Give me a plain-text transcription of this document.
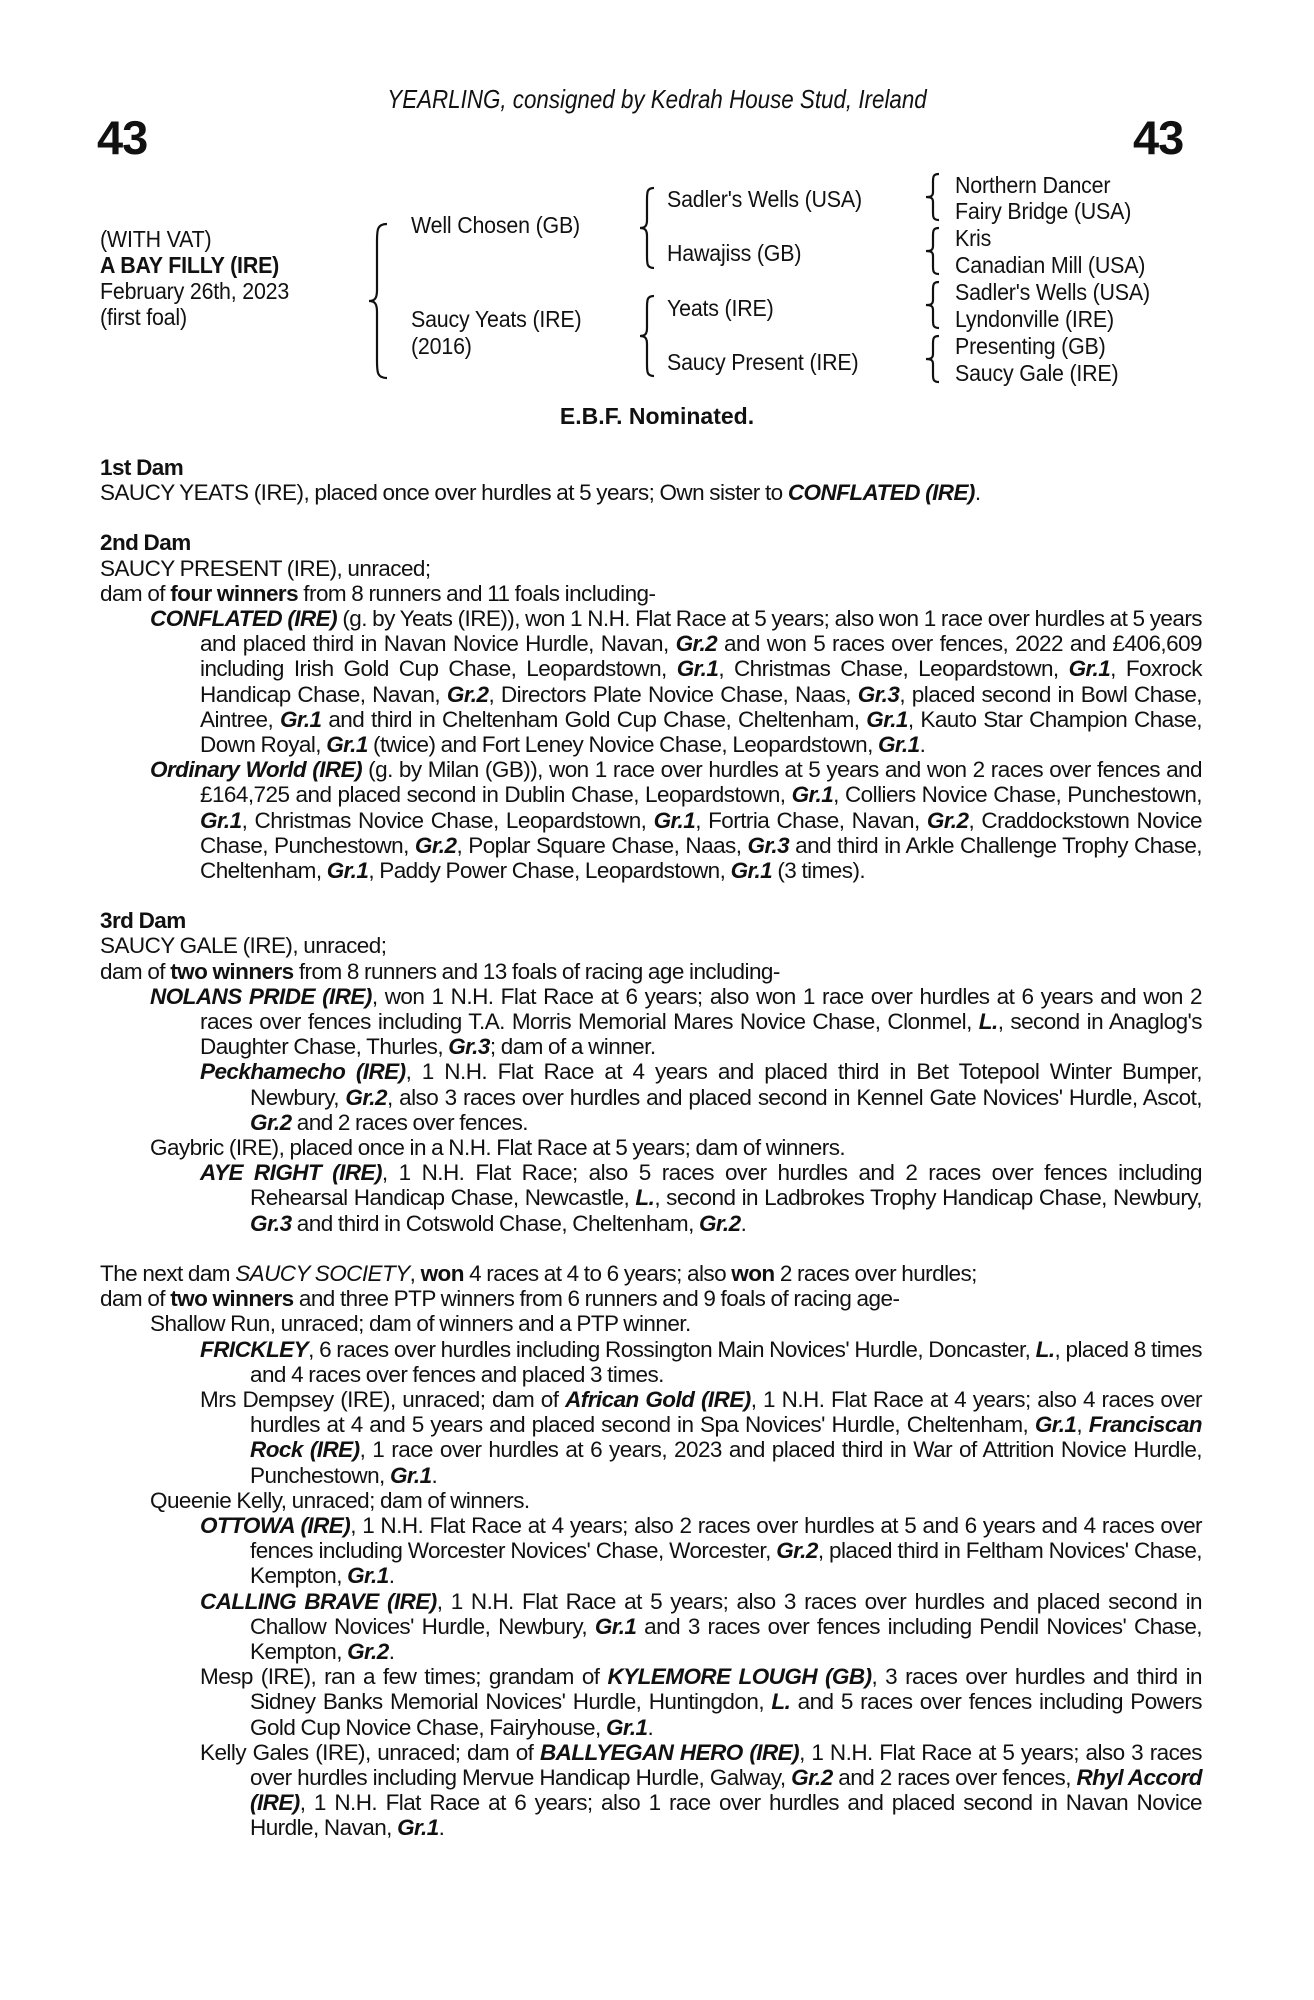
YEARLING, consigned by Kedrah House Stud, Ireland
43	43
(WITH VAT)
A BAY FILLY (IRE)
February 26th, 2023
(first foal)
Well Chosen (GB)
Saucy Yeats (IRE)
(2016)
Sadler's Wells (USA)
Hawajiss (GB)
Yeats (IRE)
Saucy Present (IRE)
Northern Dancer
Fairy Bridge (USA)
Kris
Canadian Mill (USA)
Sadler's Wells (USA)
Lyndonville (IRE)
Presenting (GB)
Saucy Gale (IRE)
E.B.F. Nominated.
1st Dam
SAUCY YEATS (IRE), placed once over hurdles at 5 years; Own sister to CONFLATED (IRE).
2nd Dam
SAUCY PRESENT (IRE), unraced;
dam of four winners from 8 runners and 11 foals including-
CONFLATED (IRE) (g. by Yeats (IRE)), won 1 N.H. Flat Race at 5 years; also won 1 race over hurdles at 5 years and placed third in Navan Novice Hurdle, Navan, Gr.2 and won 5 races over fences, 2022 and £406,609 including Irish Gold Cup Chase, Leopardstown, Gr.1, Christmas Chase, Leopardstown, Gr.1, Foxrock Handicap Chase, Navan, Gr.2, Directors Plate Novice Chase, Naas, Gr.3, placed second in Bowl Chase, Aintree, Gr.1 and third in Cheltenham Gold Cup Chase, Cheltenham, Gr.1, Kauto Star Champion Chase, Down Royal, Gr.1 (twice) and Fort Leney Novice Chase, Leopardstown, Gr.1.
Ordinary World (IRE) (g. by Milan (GB)), won 1 race over hurdles at 5 years and won 2 races over fences and £164,725 and placed second in Dublin Chase, Leopardstown, Gr.1, Colliers Novice Chase, Punchestown, Gr.1, Christmas Novice Chase, Leopardstown, Gr.1, Fortria Chase, Navan, Gr.2, Craddockstown Novice Chase, Punchestown, Gr.2, Poplar Square Chase, Naas, Gr.3 and third in Arkle Challenge Trophy Chase, Cheltenham, Gr.1, Paddy Power Chase, Leopardstown, Gr.1 (3 times).
3rd Dam
SAUCY GALE (IRE), unraced;
dam of two winners from 8 runners and 13 foals of racing age including-
NOLANS PRIDE (IRE), won 1 N.H. Flat Race at 6 years; also won 1 race over hurdles at 6 years and won 2 races over fences including T.A. Morris Memorial Mares Novice Chase, Clonmel, L., second in Anaglog's Daughter Chase, Thurles, Gr.3; dam of a winner.
Peckhamecho (IRE), 1 N.H. Flat Race at 4 years and placed third in Bet Totepool Winter Bumper, Newbury, Gr.2, also 3 races over hurdles and placed second in Kennel Gate Novices' Hurdle, Ascot, Gr.2 and 2 races over fences.
Gaybric (IRE), placed once in a N.H. Flat Race at 5 years; dam of winners.
AYE RIGHT (IRE), 1 N.H. Flat Race; also 5 races over hurdles and 2 races over fences including Rehearsal Handicap Chase, Newcastle, L., second in Ladbrokes Trophy Handicap Chase, Newbury, Gr.3 and third in Cotswold Chase, Cheltenham, Gr.2.
The next dam SAUCY SOCIETY, won 4 races at 4 to 6 years; also won 2 races over hurdles;
dam of two winners and three PTP winners from 6 runners and 9 foals of racing age-
Shallow Run, unraced; dam of winners and a PTP winner.
FRICKLEY, 6 races over hurdles including Rossington Main Novices' Hurdle, Doncaster, L., placed 8 times and 4 races over fences and placed 3 times.
Mrs Dempsey (IRE), unraced; dam of African Gold (IRE), 1 N.H. Flat Race at 4 years; also 4 races over hurdles at 4 and 5 years and placed second in Spa Novices' Hurdle, Cheltenham, Gr.1, Franciscan Rock (IRE), 1 race over hurdles at 6 years, 2023 and placed third in War of Attrition Novice Hurdle, Punchestown, Gr.1.
Queenie Kelly, unraced; dam of winners.
OTTOWA (IRE), 1 N.H. Flat Race at 4 years; also 2 races over hurdles at 5 and 6 years and 4 races over fences including Worcester Novices' Chase, Worcester, Gr.2, placed third in Feltham Novices' Chase, Kempton, Gr.1.
CALLING BRAVE (IRE), 1 N.H. Flat Race at 5 years; also 3 races over hurdles and placed second in Challow Novices' Hurdle, Newbury, Gr.1 and 3 races over fences including Pendil Novices' Chase, Kempton, Gr.2.
Mesp (IRE), ran a few times; grandam of KYLEMORE LOUGH (GB), 3 races over hurdles and third in Sidney Banks Memorial Novices' Hurdle, Huntingdon, L. and 5 races over fences including Powers Gold Cup Novice Chase, Fairyhouse, Gr.1.
Kelly Gales (IRE), unraced; dam of BALLYEGAN HERO (IRE), 1 N.H. Flat Race at 5 years; also 3 races over hurdles including Mervue Handicap Hurdle, Galway, Gr.2 and 2 races over fences, Rhyl Accord (IRE), 1 N.H. Flat Race at 6 years; also 1 race over hurdles and placed second in Navan Novice Hurdle, Navan, Gr.1.
